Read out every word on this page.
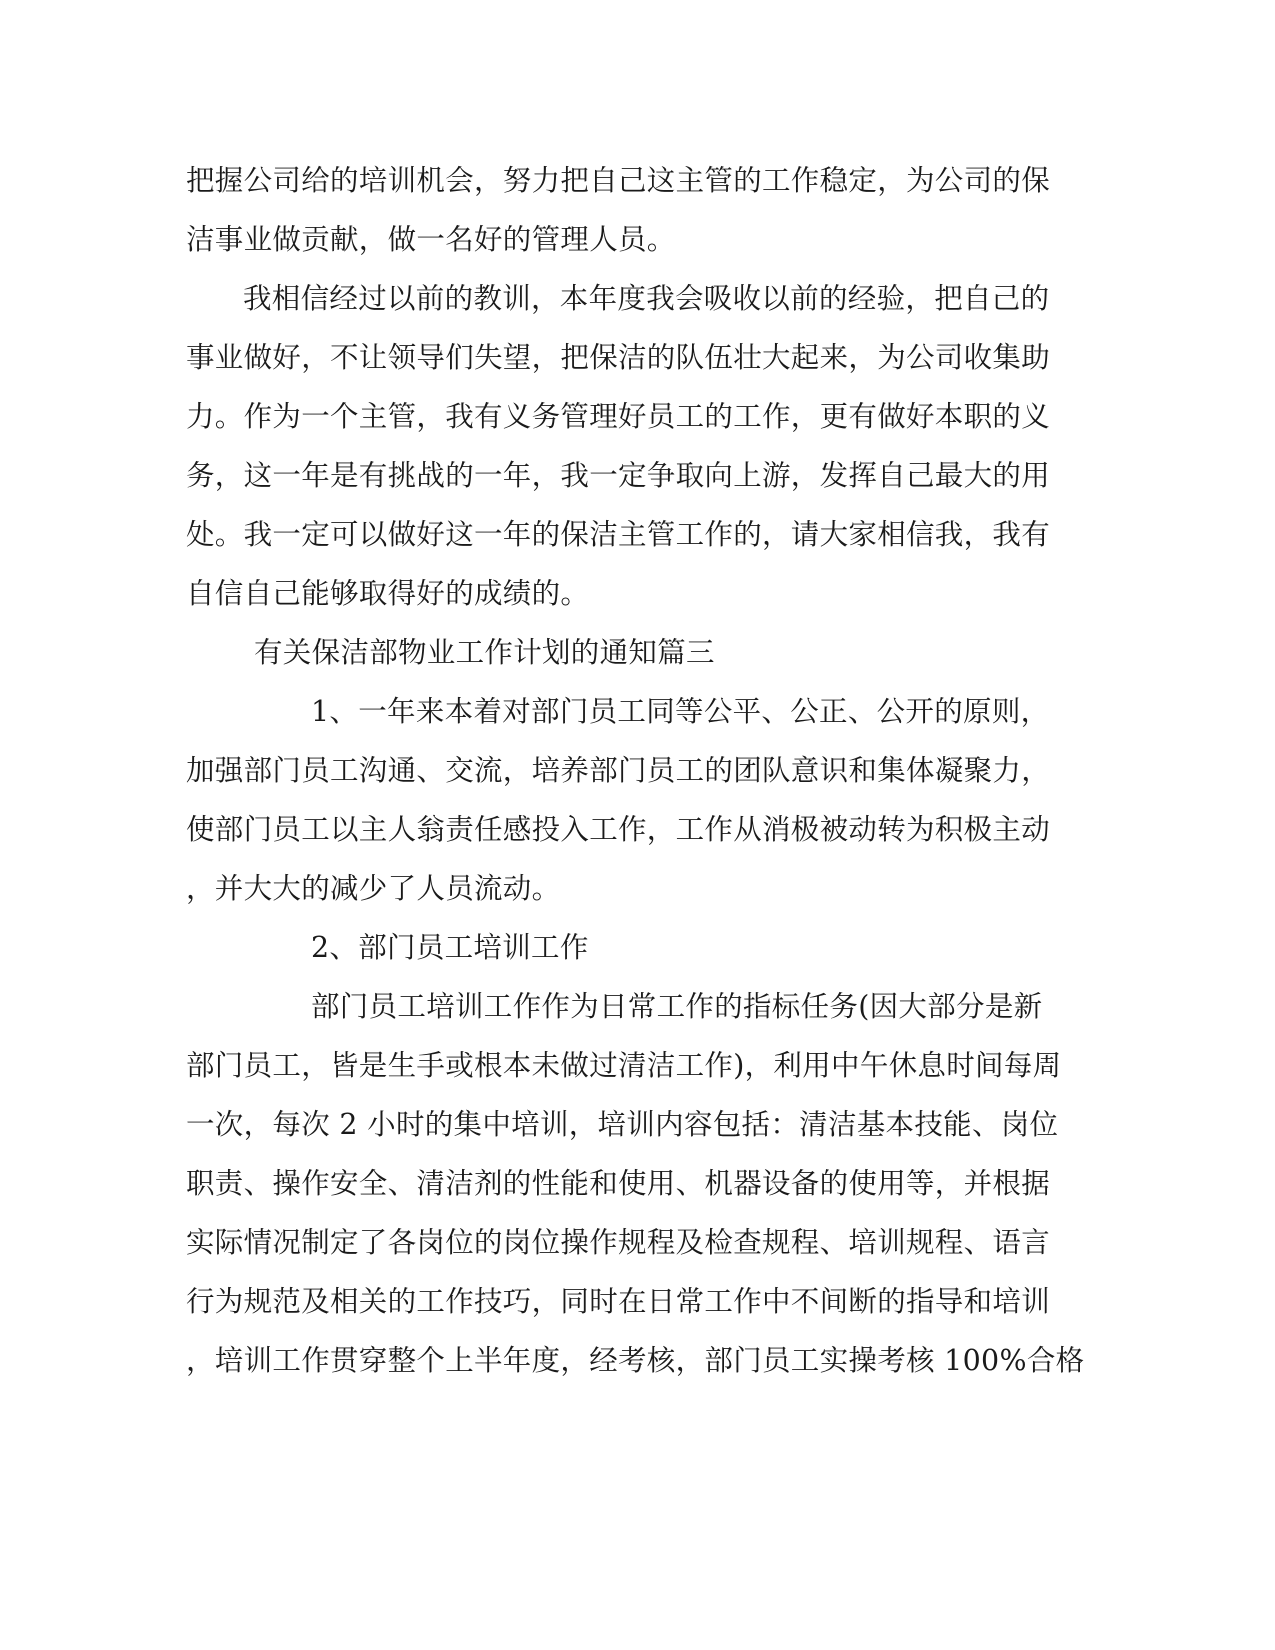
把握公司给的培训机会，努力把自己这主管的工作稳定，为公司的保
洁事业做贡献，做一名好的管理人员。
我相信经过以前的教训，本年度我会吸收以前的经验，把自己的
事业做好，不让领导们失望，把保洁的队伍壮大起来，为公司收集助
力。作为一个主管，我有义务管理好员工的工作，更有做好本职的义
务，这一年是有挑战的一年，我一定争取向上游，发挥自己最大的用
处。我一定可以做好这一年的保洁主管工作的，请大家相信我，我有
自信自己能够取得好的成绩的。
有关保洁部物业工作计划的通知篇三
1、一年来本着对部门员工同等公平、公正、公开的原则，
加强部门员工沟通、交流，培养部门员工的团队意识和集体凝聚力，
使部门员工以主人翁责任感投入工作，工作从消极被动转为积极主动
，并大大的减少了人员流动。
2、部门员工培训工作
部门员工培训工作作为日常工作的指标任务(因大部分是新
部门员工，皆是生手或根本未做过清洁工作)，利用中午休息时间每周
一次，每次 2 小时的集中培训，培训内容包括：清洁基本技能、岗位
职责、操作安全、清洁剂的性能和使用、机器设备的使用等，并根据
实际情况制定了各岗位的岗位操作规程及检查规程、培训规程、语言
行为规范及相关的工作技巧，同时在日常工作中不间断的指导和培训
，培训工作贯穿整个上半年度，经考核，部门员工实操考核 100%合格
